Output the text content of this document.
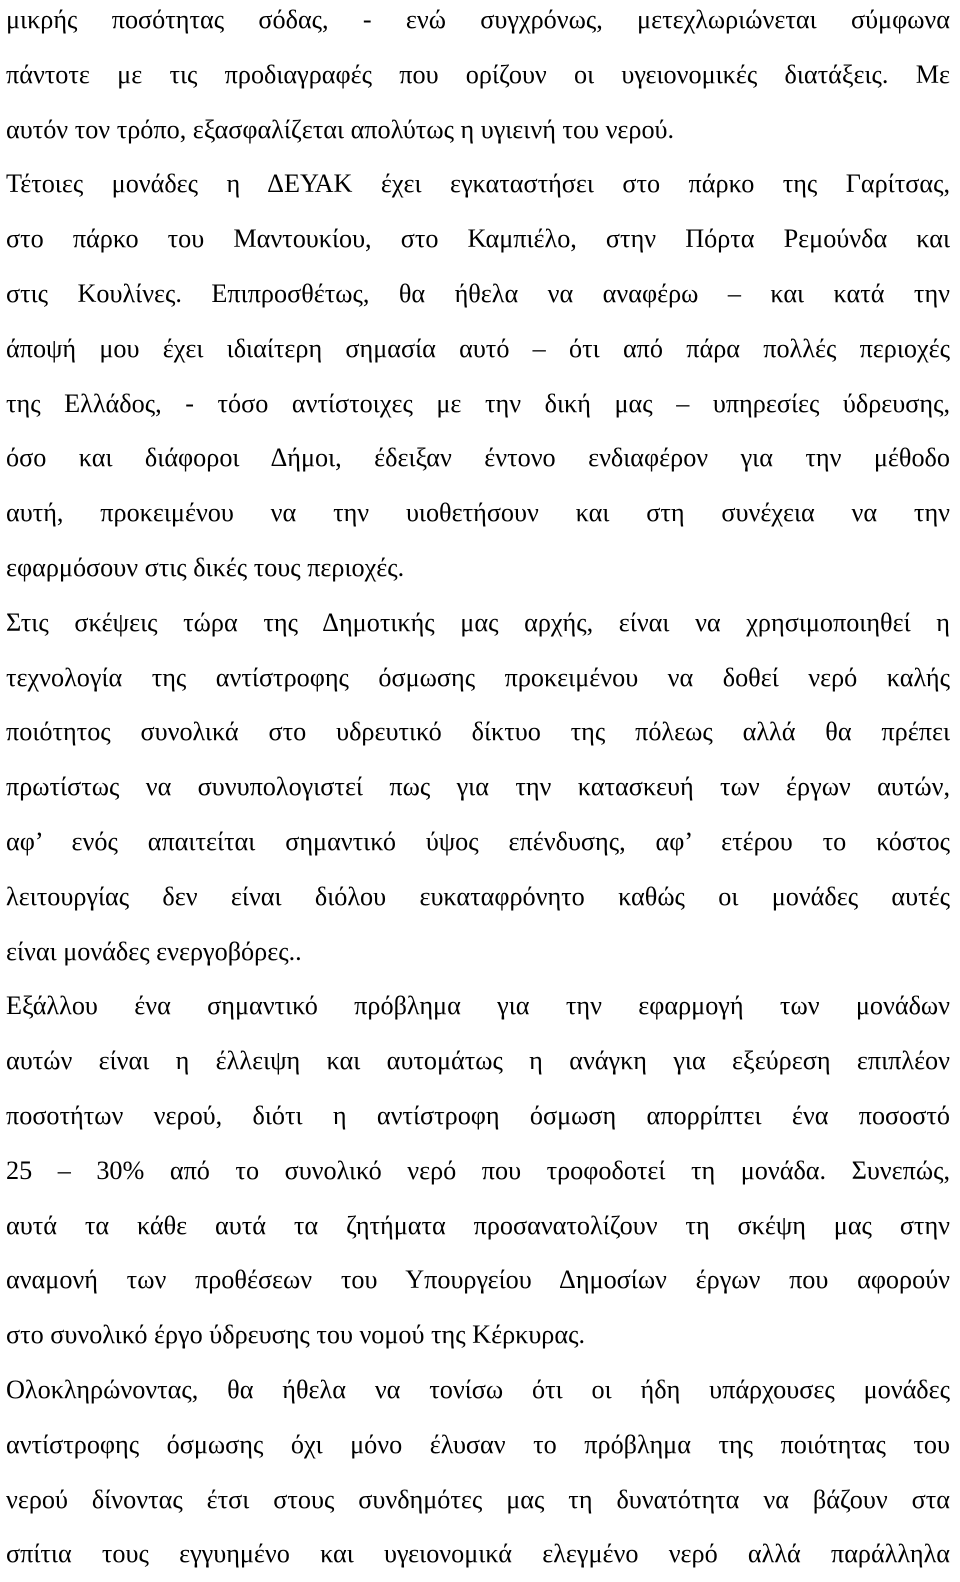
μικρής ποσότητας σόδας, - ενώ συγχρόνως, μετεχλωριώνεται σύμφωνα
πάντοτε με τις προδιαγραφές που ορίζουν οι υγειονομικές διατάξεις. Με
αυτόν τον τρόπο, εξασφαλίζεται απολύτως η υγιεινή του νερού.
Τέτοιες μονάδες η ΔΕΥΑΚ έχει εγκαταστήσει στο πάρκο της Γαρίτσας,
στο πάρκο του Μαντουκίου, στο Καμπιέλο, στην Πόρτα Ρεμούνδα και
στις Κουλίνες. Επιπροσθέτως, θα ήθελα να αναφέρω – και κατά την
άποψή μου έχει ιδιαίτερη σημασία αυτό – ότι από πάρα πολλές περιοχές
της Ελλάδος, - τόσο αντίστοιχες με την δική μας – υπηρεσίες ύδρευσης,
όσο και διάφοροι Δήμοι, έδειξαν έντονο ενδιαφέρον για την μέθοδο
αυτή, προκειμένου να την υιοθετήσουν και στη συνέχεια να την
εφαρμόσουν στις δικές τους περιοχές.
Στις σκέψεις τώρα της Δημοτικής μας αρχής, είναι να χρησιμοποιηθεί η
τεχνολογία της αντίστροφης όσμωσης προκειμένου να δοθεί νερό καλής
ποιότητος συνολικά στο υδρευτικό δίκτυο της πόλεως αλλά θα πρέπει
πρωτίστως να συνυπολογιστεί πως για την κατασκευή των έργων αυτών,
αφ’ ενός απαιτείται σημαντικό ύψος επένδυσης, αφ’ ετέρου το κόστος
λειτουργίας δεν είναι διόλου ευκαταφρόνητο καθώς οι μονάδες αυτές
είναι μονάδες ενεργοβόρες..
Εξάλλου ένα σημαντικό πρόβλημα για την εφαρμογή των μονάδων
αυτών είναι η έλλειψη και αυτομάτως η ανάγκη για εξεύρεση επιπλέον
ποσοτήτων νερού, διότι η αντίστροφη όσμωση απορρίπτει ένα ποσοστό
25 – 30% από το συνολικό νερό που τροφοδοτεί τη μονάδα. Συνεπώς,
αυτά τα κάθε αυτά τα ζητήματα προσανατολίζουν τη σκέψη μας στην
αναμονή των προθέσεων του Υπουργείου Δημοσίων έργων που αφορούν
στο συνολικό έργο ύδρευσης του νομού της Κέρκυρας.
Ολοκληρώνοντας, θα ήθελα να τονίσω ότι οι ήδη υπάρχουσες μονάδες
αντίστροφης όσμωσης όχι μόνο έλυσαν το πρόβλημα της ποιότητας του
νερού δίνοντας έτσι στους συνδημότες μας τη δυνατότητα να βάζουν στα
σπίτια τους εγγυημένο και υγειονομικά ελεγμένο νερό αλλά παράλληλα
